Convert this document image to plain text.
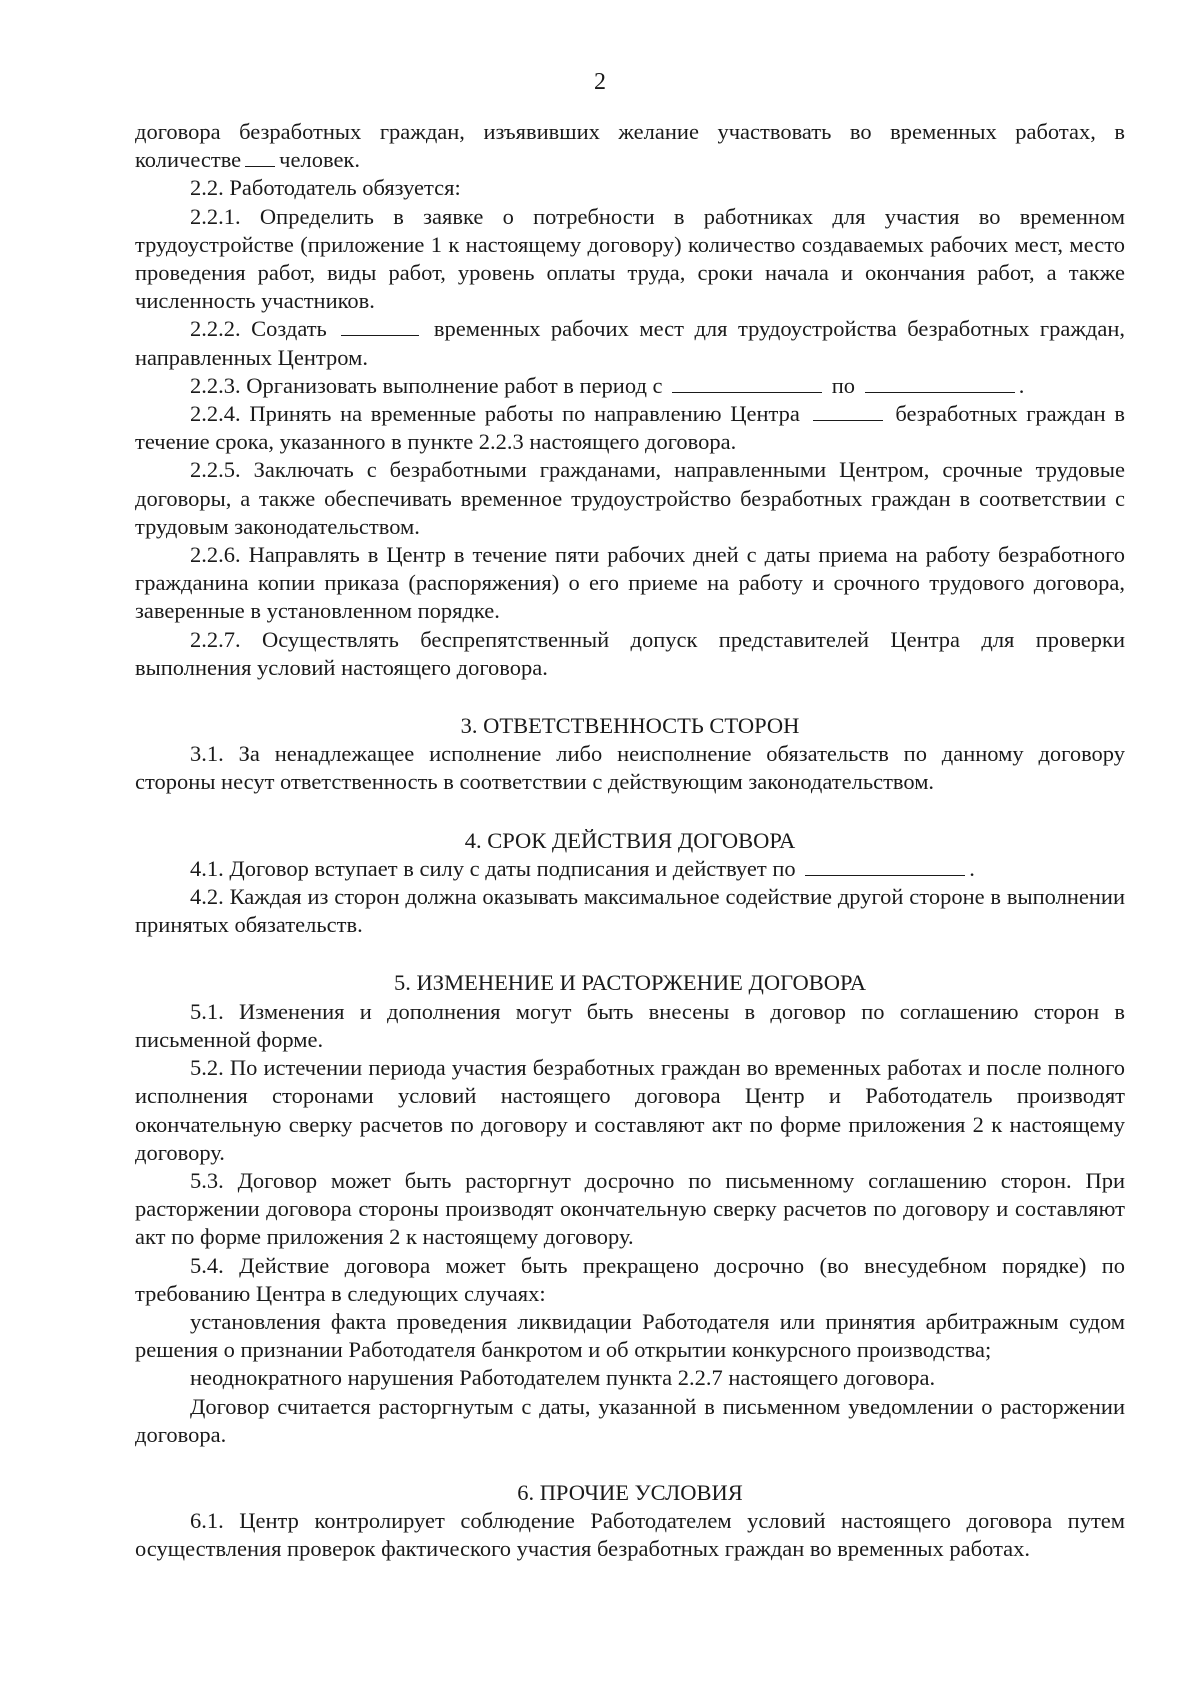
2

договора безработных граждан, изъявивших желание участвовать во временных работах, в

количестве человек.

2.2. Работодатель обязуется:

2.2.1. Определить в заявке о потребности в работниках для участия во временном трудоустройстве (приложение 1 к настоящему договору) количество создаваемых рабочих мест, место проведения работ, виды работ, уровень оплаты труда, сроки начала и окончания работ, а также численность участников.

2.2.2. Создать	временных рабочих мест для трудоустройства безработных граждан, направленных Центром.

2.2.3. Организовать выполнение работ в период с	по	.

2.2.4. Принять на временные работы по направлению Центра	безработных граждан в течение срока, указанного в пункте 2.2.3 настоящего договора.

2.2.5. Заключать с безработными гражданами, направленными Центром, срочные трудовые договоры, а также обеспечивать временное трудоустройство безработных граждан в соответствии с трудовым законодательством.

2.2.6. Направлять в Центр в течение пяти рабочих дней с даты приема на работу безработного гражданина копии приказа (распоряжения) о его приеме на работу и срочного трудового договора, заверенные в установленном порядке.

2.2.7. Осуществлять беспрепятственный допуск представителей Центра для проверки выполнения условий настоящего договора.

3. ОТВЕТСТВЕННОСТЬ СТОРОН

3.1. За ненадлежащее исполнение либо неисполнение обязательств по данному договору стороны несут ответственность в соответствии с действующим законодательством.

4. СРОК ДЕЙСТВИЯ ДОГОВОРА

4.1. Договор вступает в силу с даты подписания и действует по	.

4.2. Каждая из сторон должна оказывать максимальное содействие другой стороне в выполнении принятых обязательств.

5. ИЗМЕНЕНИЕ И РАСТОРЖЕНИЕ ДОГОВОРА

5.1. Изменения и дополнения могут быть внесены в договор по соглашению сторон в письменной форме.

5.2. По истечении периода участия безработных граждан во временных работах и после полного исполнения сторонами условий настоящего договора Центр и Работодатель производят окончательную сверку расчетов по договору и составляют акт по форме приложения 2 к настоящему договору.

5.3. Договор может быть расторгнут досрочно по письменному соглашению сторон. При расторжении договора стороны производят окончательную сверку расчетов по договору и составляют акт по форме приложения 2 к настоящему договору.

5.4. Действие договора может быть прекращено досрочно (во внесудебном порядке) по требованию Центра в следующих случаях:

установления факта проведения ликвидации Работодателя или принятия арбитражным судом решения о признании Работодателя банкротом и об открытии конкурсного производства;

неоднократного нарушения Работодателем пункта 2.2.7 настоящего договора.

Договор считается расторгнутым с даты, указанной в письменном уведомлении о расторжении договора.

6. ПРОЧИЕ УСЛОВИЯ

6.1. Центр контролирует соблюдение Работодателем условий настоящего договора путем осуществления проверок фактического участия безработных граждан во временных работах.
